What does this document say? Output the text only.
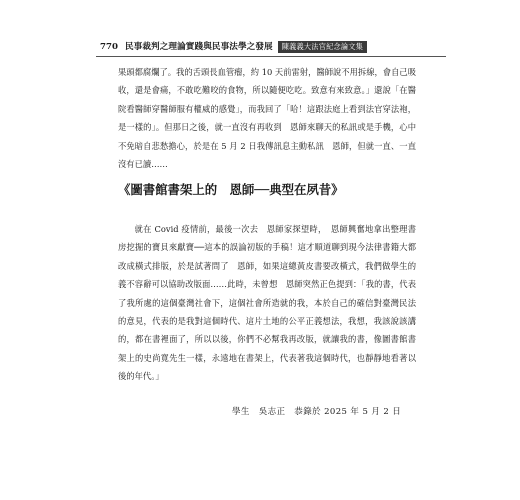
770 民事裁判之理論實踐與民事法學之發展	陳義義大法官紀念論文集

果頭都腐爛了。我的舌頭長血管瘤，約 10 天前雷射，醫師說不用拆線，會自己吸收，還是會痛，不敢吃難咬的食物，所以隨便吃吃。致意有來致意。」還說「在醫院看醫師穿醫師服有權威的感覺」，而我回了「哈！這跟法庭上看到法官穿法袍，是一樣的」。但那日之後，就一直沒有再收到　恩師來聊天的私訊或是手機，心中不免暗自悲愁擔心，於是在 5 月 2 日我傳訊息主動私訊　恩師，但就一直、一直沒有已讀……

《圖書館書架上的　恩師──典型在夙昔》

就在 Covid 疫情前，最後一次去　恩師家探望時，　恩師興奮地拿出整理書房挖掘的寶貝來獻寶──這本的誤論初版的手稿！這才順道聊到現今法律書籍大都改成橫式排版，於是試著問了　恩師，如果這總黃皮書要改橫式，我們做學生的義不容辭可以協助改版面……此時，未曾想　恩師突然正色提到：「我的書，代表了我所處的這個臺灣社會下，這個社會所造就的我，本於自己的確信對臺灣民法的意見，代表的是我對這個時代、這片土地的公平正義想法，我想，我該說該講的，都在書裡面了，所以以後，你們不必幫我再改版，就讓我的書，像圖書館書架上的史尚寬先生一樣，永遠地在書架上，代表著我這個時代，也靜靜地看著以後的年代。」

學生　吳志正　恭錄於 2025 年 5 月 2 日
